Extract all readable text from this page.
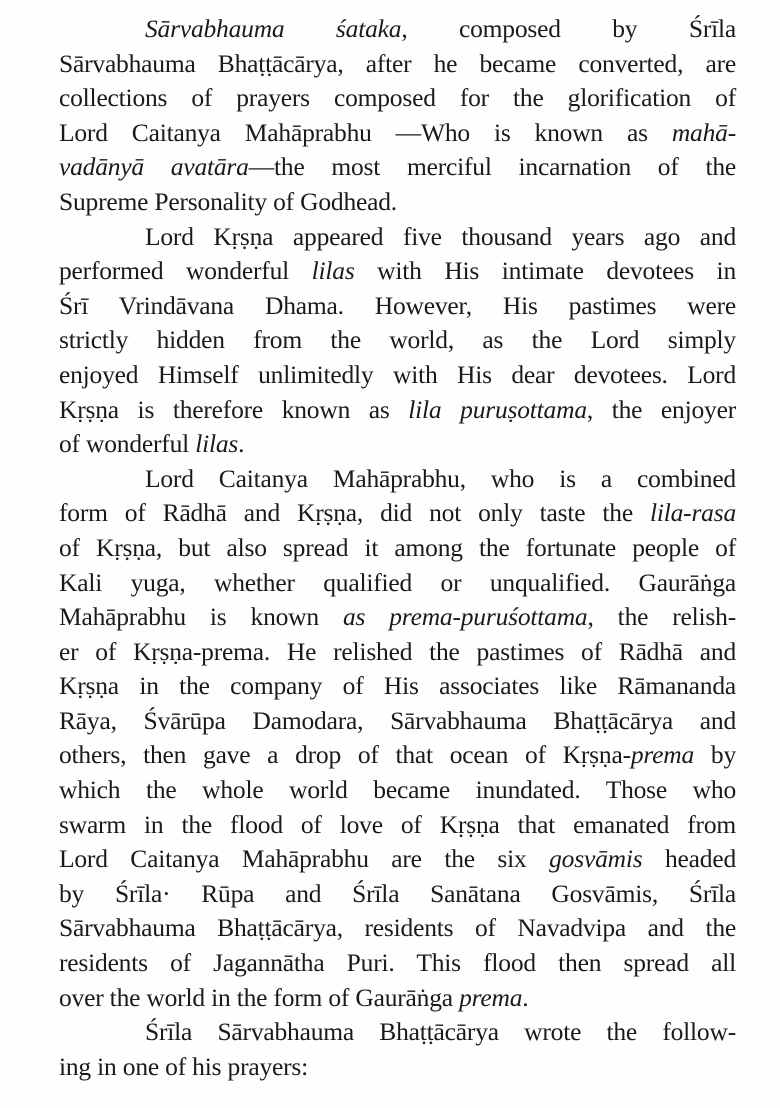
Sārvabhauma śataka, composed by Śrīla
Sārvabhauma Bhaṭṭācārya, after he became converted, are
collections of prayers composed for the glorification of
Lord Caitanya Mahāprabhu —Who is known as mahā-
vadānyā avatāra—the most merciful incarnation of the
Supreme Personality of Godhead.
Lord Kṛṣṇa appeared five thousand years ago and
performed wonderful lilas with His intimate devotees in
Śrī Vrindāvana Dhama. However, His pastimes were
strictly hidden from the world, as the Lord simply
enjoyed Himself unlimitedly with His dear devotees. Lord
Kṛṣṇa is therefore known as lila puruṣottama, the enjoyer
of wonderful lilas.
Lord Caitanya Mahāprabhu, who is a combined
form of Rādhā and Kṛṣṇa, did not only taste the lila-rasa
of Kṛṣṇa, but also spread it among the fortunate people of
Kali yuga, whether qualified or unqualified. Gaurāṅga
Mahāprabhu is known as prema-puruśottama, the relish-
er of Kṛṣṇa-prema. He relished the pastimes of Rādhā and
Kṛṣṇa in the company of His associates like Rāmananda
Rāya, Śvārūpa Damodara, Sārvabhauma Bhaṭṭācārya and
others, then gave a drop of that ocean of Kṛṣṇa-prema by
which the whole world became inundated. Those who
swarm in the flood of love of Kṛṣṇa that emanated from
Lord Caitanya Mahāprabhu are the six gosvāmis headed
by Śrīla· Rūpa and Śrīla Sanātana Gosvāmis, Śrīla
Sārvabhauma Bhaṭṭācārya, residents of Navadvipa and the
residents of Jagannātha Puri. This flood then spread all
over the world in the form of Gaurāṅga prema.
Śrīla Sārvabhauma Bhaṭṭācārya wrote the follow-
ing in one of his prayers:
